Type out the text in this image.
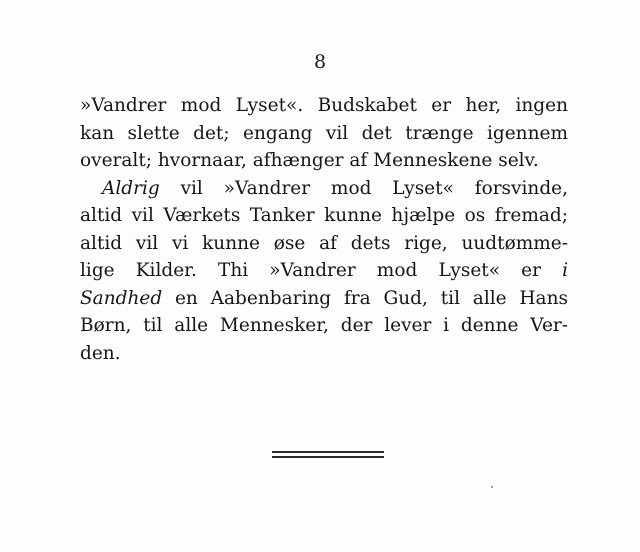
8
»Vandrer mod Lyset«. Budskabet er her, ingen
kan slette det; engang vil det trænge igennem
overalt; hvornaar, afhænger af Menneskene selv.
Aldrig vil »Vandrer mod Lyset« forsvinde,
altid vil Værkets Tanker kunne hjælpe os fremad;
altid vil vi kunne øse af dets rige, uudtømme-
lige Kilder. Thi »Vandrer mod Lyset« er i
Sandhed en Aabenbaring fra Gud, til alle Hans
Børn, til alle Mennesker, der lever i denne Ver-
den.
